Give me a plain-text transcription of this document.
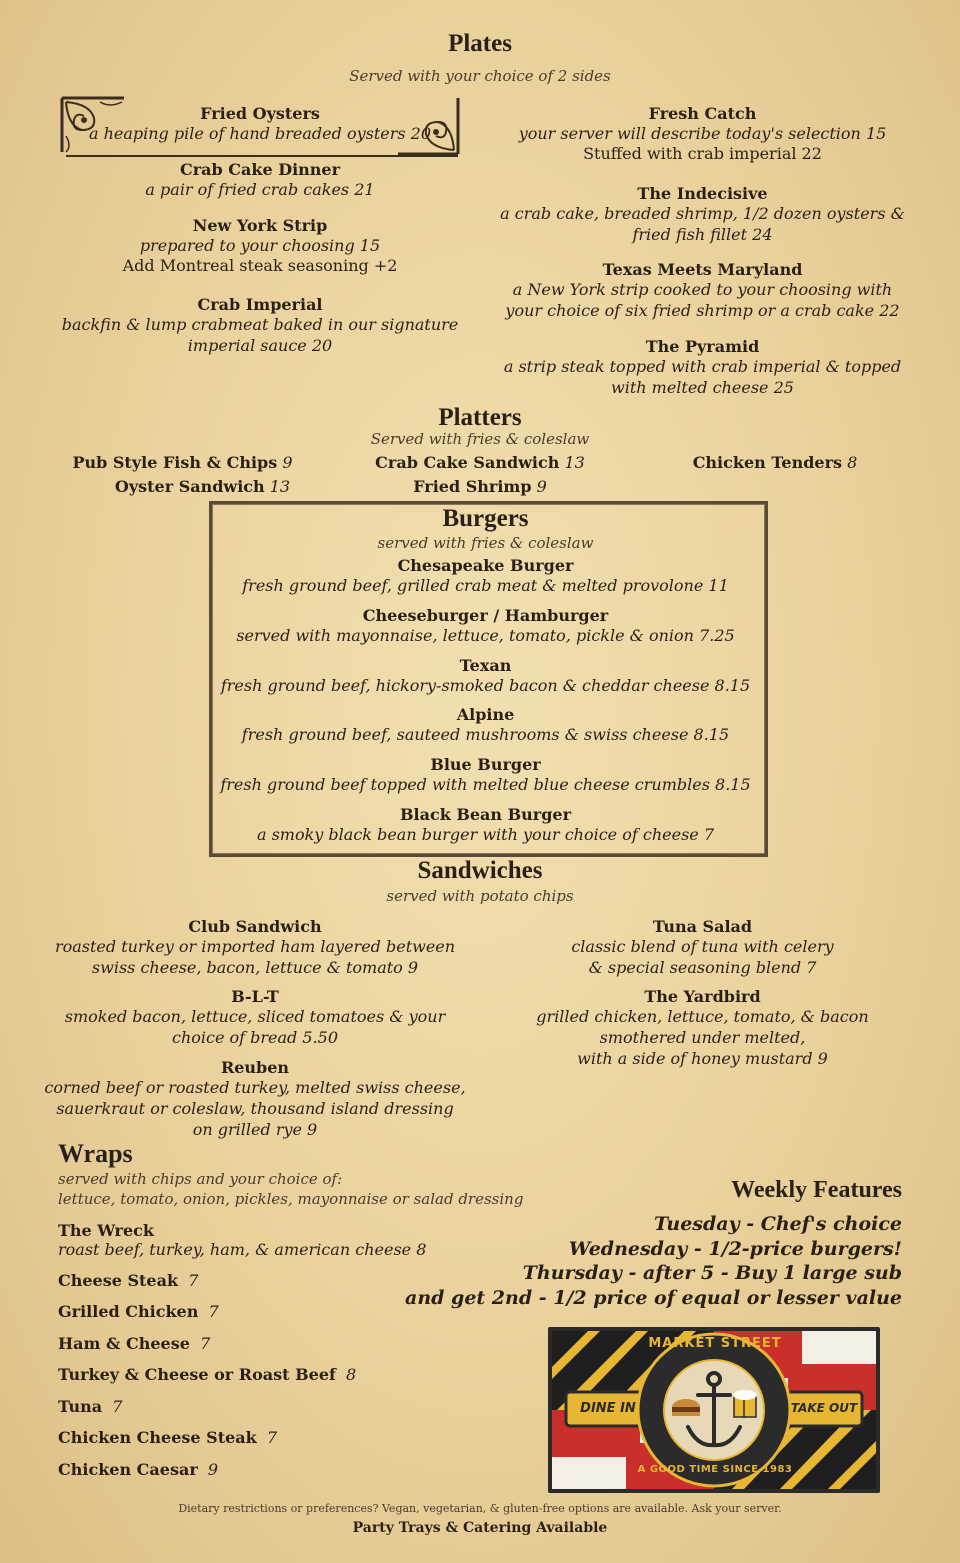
Plates
Served with your choice of 2 sides
Fried Oysters
a heaping pile of hand breaded oysters 20
Crab Cake Dinner
a pair of fried crab cakes 21
New York Strip
prepared to your choosing 15
Add Montreal steak seasoning +2
Crab Imperial
backfin & lump crabmeat baked in our signature
imperial sauce 20
Fresh Catch
your server will describe today's selection 15
Stuffed with crab imperial 22
The Indecisive
a crab cake, breaded shrimp, 1/2 dozen oysters &
fried fish fillet 24
Texas Meets Maryland
a New York strip cooked to your choosing with
your choice of six fried shrimp or a crab cake 22
The Pyramid
a strip steak topped with crab imperial & topped
with melted cheese 25
Platters
Served with fries & coleslaw
Pub Style Fish & Chips 9	Crab Cake Sandwich 13	Chicken Tenders 8
Oyster Sandwich 13	Fried Shrimp 9
Burgers
served with fries & coleslaw
Chesapeake Burger
fresh ground beef, grilled crab meat & melted provolone 11
Cheeseburger / Hamburger
served with mayonnaise, lettuce, tomato, pickle & onion 7.25
Texan
fresh ground beef, hickory-smoked bacon & cheddar cheese 8.15
Alpine
fresh ground beef, sauteed mushrooms & swiss cheese 8.15
Blue Burger
fresh ground beef topped with melted blue cheese crumbles 8.15
Black Bean Burger
a smoky black bean burger with your choice of cheese 7
Sandwiches
served with potato chips
Club Sandwich
roasted turkey or imported ham layered between
swiss cheese, bacon, lettuce & tomato 9
B-L-T
smoked bacon, lettuce, sliced tomatoes & your
choice of bread 5.50
Reuben
corned beef or roasted turkey, melted swiss cheese,
sauerkraut or coleslaw, thousand island dressing
on grilled rye 9
Tuna Salad
classic blend of tuna with celery
& special seasoning blend 7
The Yardbird
grilled chicken, lettuce, tomato, & bacon
smothered under melted,
with a side of honey mustard 9
Wraps
served with chips and your choice of:
lettuce, tomato, onion, pickles, mayonnaise or salad dressing
The Wreck
roast beef, turkey, ham, & american cheese 8
Cheese Steak 7
Grilled Chicken 7
Ham & Cheese 7
Turkey & Cheese or Roast Beef 8
Tuna 7
Chicken Cheese Steak 7
Chicken Caesar 9
Weekly Features
Tuesday - Chef's choice
Wednesday - 1/2-price burgers!
Thursday - after 5 - Buy 1 large sub
and get 2nd - 1/2 price of equal or lesser value
MARKET STREET
DINE IN	TAKE OUT
A GOOD TIME SINCE 1983
Dietary restrictions or preferences? Vegan, vegetarian, & gluten-free options are available. Ask your server.
Party Trays & Catering Available
